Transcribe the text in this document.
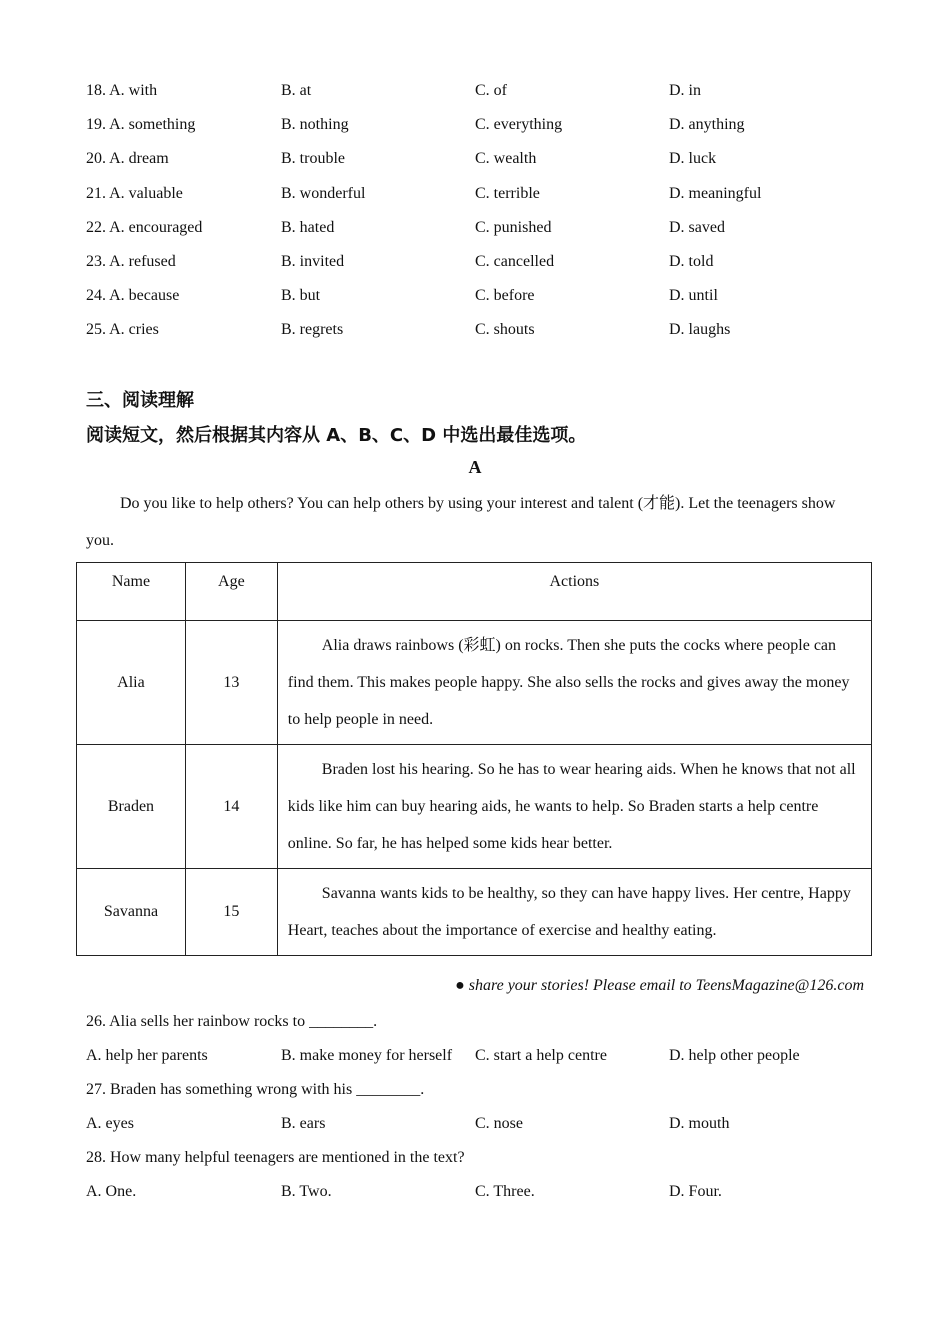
18. A. with	B. at	C. of	D. in
19. A. something	B. nothing	C. everything	D. anything
20. A. dream	B. trouble	C. wealth	D. luck
21. A. valuable	B. wonderful	C. terrible	D. meaningful
22. A. encouraged	B. hated	C. punished	D. saved
23. A. refused	B. invited	C. cancelled	D. told
24. A. because	B. but	C. before	D. until
25. A. cries	B. regrets	C. shouts	D. laughs
三、阅读理解
阅读短文，然后根据其内容从 A、B、C、D 中选出最佳选项。
A
Do you like to help others? You can help others by using your interest and talent (才能). Let the teenagers show you.
Name	Age	Actions
Alia	13	Alia draws rainbows (彩虹) on rocks. Then she puts the cocks where people can find them. This makes people happy. She also sells the rocks and gives away the money to help people in need.
Braden	14	Braden lost his hearing. So he has to wear hearing aids. When he knows that not all kids like him can buy hearing aids, he wants to help. So Braden starts a help centre online. So far, he has helped some kids hear better.
Savanna	15	Savanna wants kids to be healthy, so they can have happy lives. Her centre, Happy Heart, teaches about the importance of exercise and healthy eating.
● share your stories! Please email to TeensMagazine@126.com
26. Alia sells her rainbow rocks to ________.
A. help her parents	B. make money for herself C. start a help centre	D. help other people
27. Braden has something wrong with his ________.
A. eyes	B. ears	C. nose	D. mouth
28. How many helpful teenagers are mentioned in the text?
A. One.	B. Two.	C. Three.	D. Four.
